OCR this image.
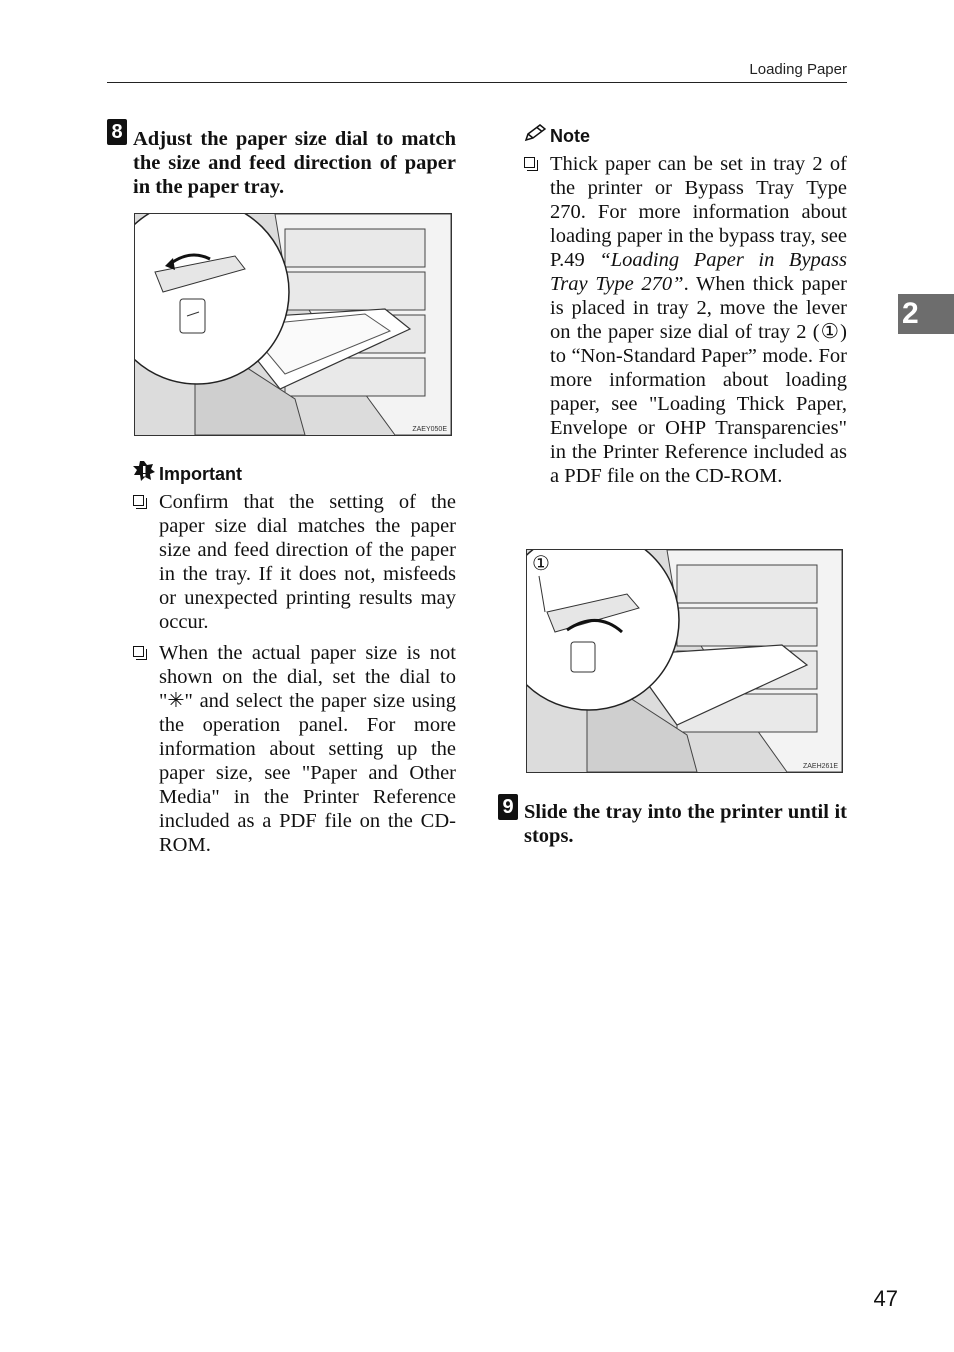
Loading Paper
2
8 Adjust the paper size dial to match the size and feed direction of paper in the paper tray.
ZAEY050E
Important
Confirm that the setting of the paper size dial matches the paper size and feed direction of the paper in the tray. If it does not, misfeeds or unexpected printing results may occur.
When the actual paper size is not shown on the dial, set the dial to "✳" and select the paper size using the operation panel. For more information about setting up the paper size, see "Paper and Other Media" in the Printer Reference included as a PDF file on the CD-ROM.
Note
Thick paper can be set in tray 2 of the printer or Bypass Tray Type 270. For more information about loading paper in the bypass tray, see P.49 “Loading Paper in Bypass Tray Type 270”. When thick paper is placed in tray 2, move the lever on the paper size dial of tray 2 (①) to “Non-Standard Paper” mode. For more information about loading paper, see "Loading Thick Paper, Envelope or OHP Transparencies" in the Printer Reference included as a PDF file on the CD-ROM.
①
ZAEH261E
9 Slide the tray into the printer until it stops.
47
